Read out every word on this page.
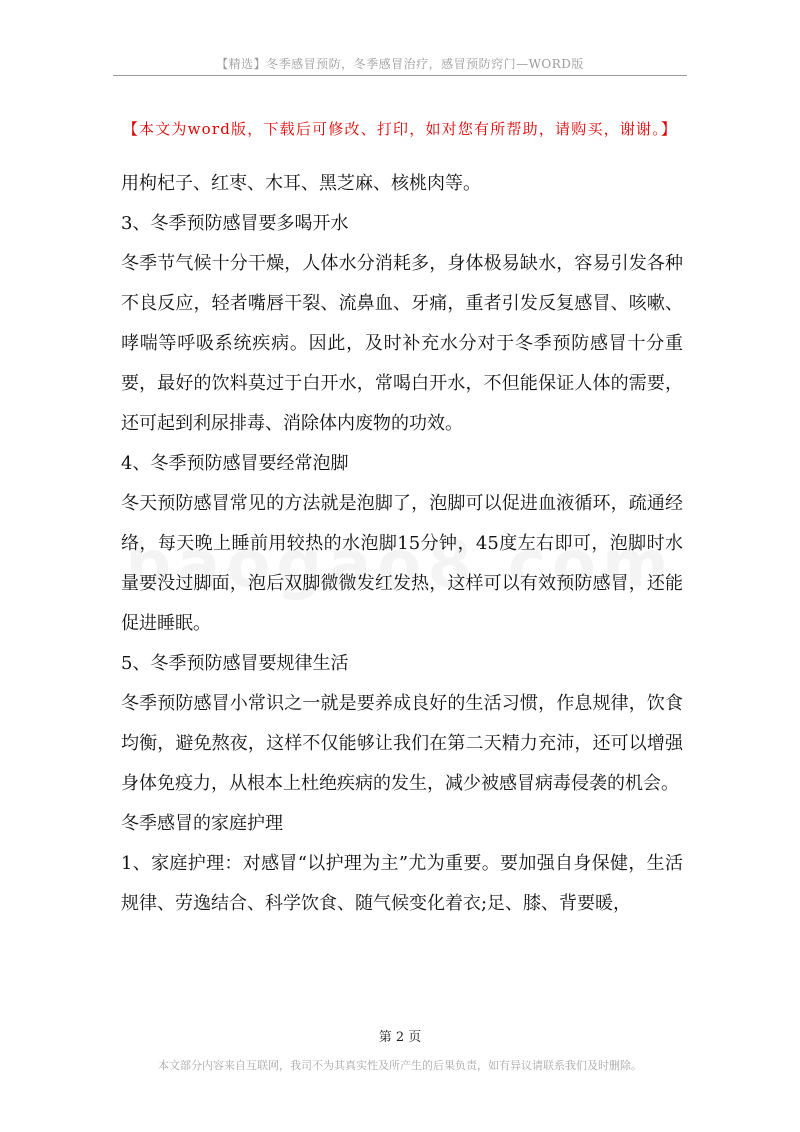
【精选】冬季感冒预防，冬季感冒治疗，感冒预防窍门—WORD版
【本文为word版，下载后可修改、打印，如对您有所帮助，请购买，谢谢。】

用枸杞子、红枣、木耳、黑芝麻、核桃肉等。

3、冬季预防感冒要多喝开水

冬季节气候十分干燥，人体水分消耗多，身体极易缺水，容易引发各种不良反应，轻者嘴唇干裂、流鼻血、牙痛，重者引发反复感冒、咳嗽、哮喘等呼吸系统疾病。因此，及时补充水分对于冬季预防感冒十分重要，最好的饮料莫过于白开水，常喝白开水，不但能保证人体的需要，还可起到利尿排毒、消除体内废物的功效。

4、冬季预防感冒要经常泡脚

冬天预防感冒常见的方法就是泡脚了，泡脚可以促进血液循环，疏通经络，每天晚上睡前用较热的水泡脚15分钟，45度左右即可，泡脚时水量要没过脚面，泡后双脚微微发红发热，这样可以有效预防感冒，还能促进睡眠。

5、冬季预防感冒要规律生活

冬季预防感冒小常识之一就是要养成良好的生活习惯，作息规律，饮食均衡，避免熬夜，这样不仅能够让我们在第二天精力充沛，还可以增强身体免疫力，从根本上杜绝疾病的发生，减少被感冒病毒侵袭的机会。

冬季感冒的家庭护理

1、家庭护理：对感冒“以护理为主”尤为重要。要加强自身保健，生活规律、劳逸结合、科学饮食、随气候变化着衣;足、膝、背要暖，

第 2 页
本文部分内容来自互联网，我司不为其真实性及所产生的后果负责，如有异议请联系我们及时删除。
